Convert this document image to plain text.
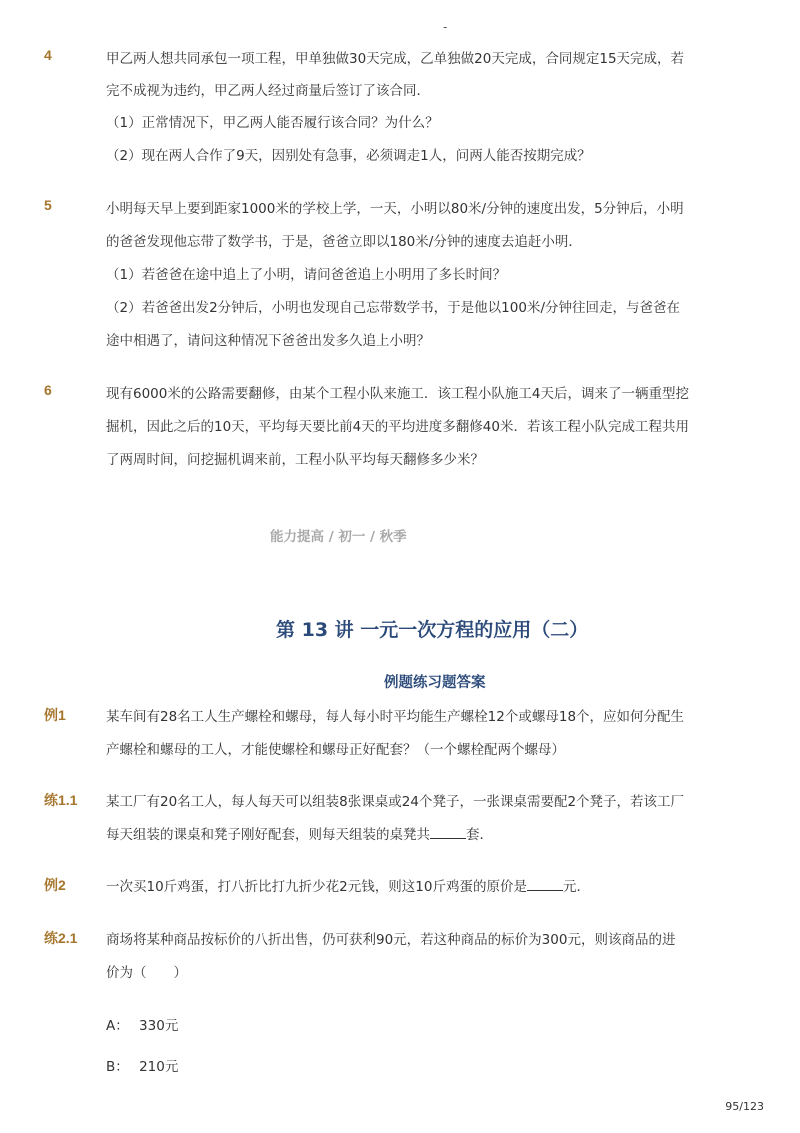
-
4	甲乙两人想共同承包一项工程，甲单独做30天完成，乙单独做20天完成，合同规定15天完成，若
完不成视为违约，甲乙两人经过商量后签订了该合同．
（1）正常情况下，甲乙两人能否履行该合同？为什么？
（2）现在两人合作了9天，因别处有急事，必须调走1人，问两人能否按期完成？
5	小明每天早上要到距家1000米的学校上学，一天，小明以80米/分钟的速度出发，5分钟后，小明
的爸爸发现他忘带了数学书，于是，爸爸立即以180米/分钟的速度去追赶小明．
（1）若爸爸在途中追上了小明，请问爸爸追上小明用了多长时间？
（2）若爸爸出发2分钟后，小明也发现自己忘带数学书，于是他以100米/分钟往回走，与爸爸在
途中相遇了，请问这种情况下爸爸出发多久追上小明？
6	现有6000米的公路需要翻修，由某个工程小队来施工．该工程小队施工4天后，调来了一辆重型挖
掘机，因此之后的10天，平均每天要比前4天的平均进度多翻修40米．若该工程小队完成工程共用
了两周时间，问挖掘机调来前，工程小队平均每天翻修多少米？
能力提高 / 初一 / 秋季
第 13 讲 一元一次方程的应用（二）
例题练习题答案
例1	某车间有28名工人生产螺栓和螺母，每人每小时平均能生产螺栓12个或螺母18个，应如何分配生
产螺栓和螺母的工人，才能使螺栓和螺母正好配套？（一个螺栓配两个螺母）
练1.1 某工厂有20名工人，每人每天可以组装8张课桌或24个凳子，一张课桌需要配2个凳子，若该工厂
每天组装的课桌和凳子刚好配套，则每天组装的桌凳共	套．
例2	一次买10斤鸡蛋，打八折比打九折少花2元钱，则这10斤鸡蛋的原价是	元．
练2.1 商场将某种商品按标价的八折出售，仍可获利90元，若这种商品的标价为300元，则该商品的进
价为（　　）
A： 330元
B： 210元
95/123
